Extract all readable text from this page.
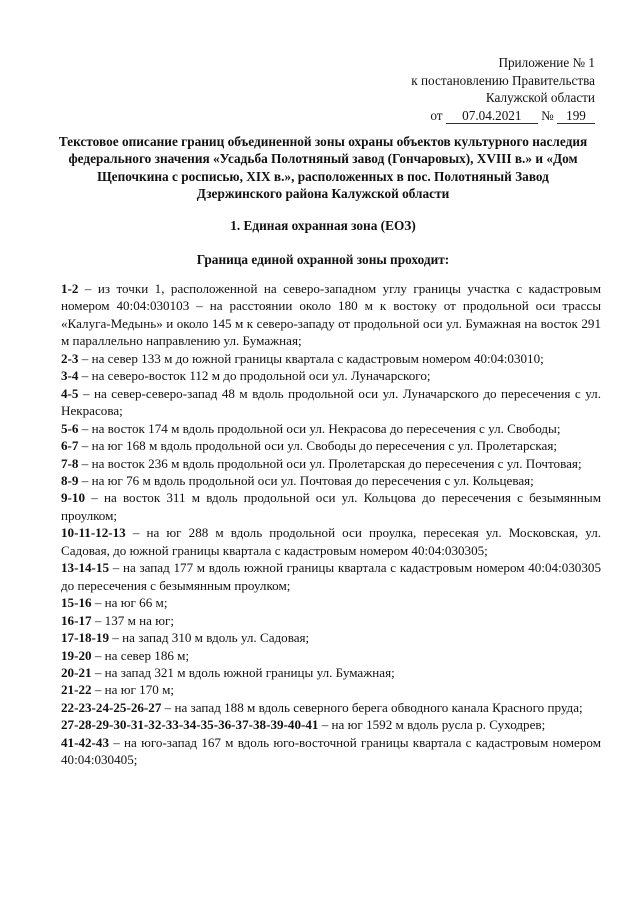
Приложение № 1
к постановлению Правительства
Калужской области
от 07.04.2021 № 199
Текстовое описание границ объединенной зоны охраны объектов культурного наследия федерального значения «Усадьба Полотняный завод (Гончаровых), XVIII в.» и «Дом Щепочкина с росписью, XIX в.», расположенных в пос. Полотняный Завод Дзержинского района Калужской области
1. Единая охранная зона (ЕОЗ)
Граница единой охранной зоны проходит:

1-2 – из точки 1, расположенной на северо-западном углу границы участка с кадастровым номером 40:04:030103 – на расстоянии около 180 м к востоку от продольной оси трассы «Калуга-Медынь» и около 145 м к северо-западу от продольной оси ул. Бумажная на восток 291 м параллельно направлению ул. Бумажная;

2-3 – на север 133 м до южной границы квартала с кадастровым номером 40:04:03010;

3-4 – на северо-восток 112 м до продольной оси ул. Луначарского;

4-5 – на север-северо-запад 48 м вдоль продольной оси ул. Луначарского до пересечения с ул. Некрасова;

5-6 – на восток 174 м вдоль продольной оси ул. Некрасова до пересечения с ул. Свободы;

6-7 – на юг 168 м вдоль продольной оси ул. Свободы до пересечения с ул. Пролетарская;

7-8 – на восток 236 м вдоль продольной оси ул. Пролетарская до пересечения с ул. Почтовая;

8-9 – на юг 76 м вдоль продольной оси ул. Почтовая до пересечения с ул. Кольцевая;

9-10 – на восток 311 м вдоль продольной оси ул. Кольцова до пересечения с безымянным проулком;

10-11-12-13 – на юг 288 м вдоль продольной оси проулка, пересекая ул. Московская, ул. Садовая, до южной границы квартала с кадастровым номером 40:04:030305;

13-14-15 – на запад 177 м вдоль южной границы квартала с кадастровым номером 40:04:030305 до пересечения с безымянным проулком;

15-16 – на юг 66 м;

16-17 – 137 м на юг;

17-18-19 – на запад 310 м вдоль ул. Садовая;

19-20 – на север 186 м;

20-21 – на запад 321 м вдоль южной границы ул. Бумажная;

21-22 – на юг 170 м;

22-23-24-25-26-27 – на запад 188 м вдоль северного берега обводного канала Красного пруда;

27-28-29-30-31-32-33-34-35-36-37-38-39-40-41 – на юг 1592 м вдоль русла р. Суходрев;

41-42-43 – на юго-запад 167 м вдоль юго-восточной границы квартала с кадастровым номером 40:04:030405;
